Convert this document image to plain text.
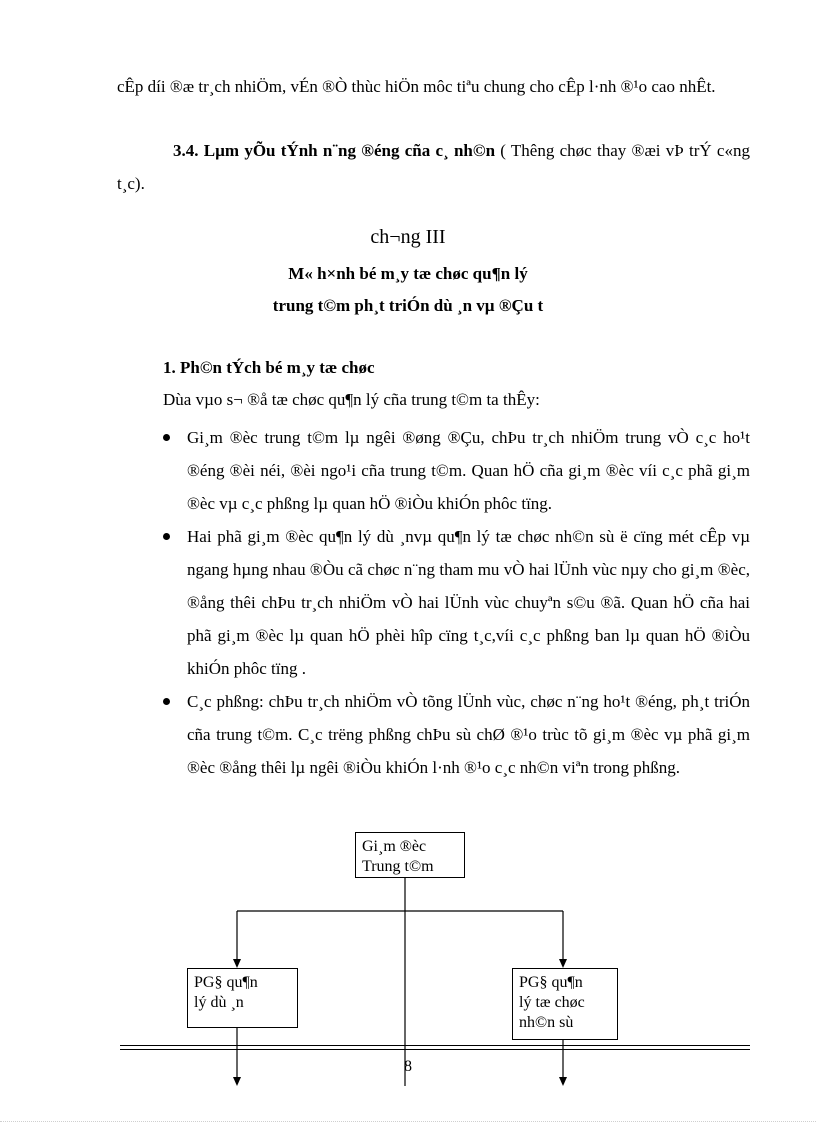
cÊp díi ®æ tr¸ch nhiÖm, vÉn ®Ò thùc hiÖn môc tiªu chung cho cÊp l·nh ®¹o cao nhÊt.
3.4. Lµm yÕu tÝnh n¨ng ®éng cña c¸ nh©n ( Thêng chøc thay ®æi vÞ trÝ c«ng t¸c).
ch¬ng III
M« h×nh bé m¸y tæ chøc qu¶n lý
trung t©m ph¸t triÓn dù ¸n vµ ®Çu t
1. Ph©n tÝch bé m¸y tæ chøc
Dùa vµo s¬ ®å tæ chøc qu¶n lý cña trung t©m ta thÊy:
Gi¸m ®èc trung t©m lµ ngêi ®øng ®Çu, chÞu tr¸ch nhiÖm trung vÒ c¸c ho¹t ®éng ®èi néi, ®èi ngo¹i cña trung t©m. Quan hÖ cña gi¸m ®èc víi c¸c phã gi¸m ®èc vµ c¸c phßng lµ quan hÖ ®iÒu khiÓn phôc tïng.
Hai phã gi¸m ®èc qu¶n lý dù ¸nvµ qu¶n lý tæ chøc nh©n sù ë cïng mét cÊp vµ ngang hµng nhau ®Òu cã chøc n¨ng tham mu vÒ hai lÜnh vùc nµy cho gi¸m ®èc, ®ång thêi chÞu tr¸ch nhiÖm vÒ hai lÜnh vùc chuyªn s©u ®ã. Quan hÖ cña hai phã gi¸m ®èc lµ quan hÖ phèi hîp cïng t¸c,víi c¸c phßng ban lµ quan hÖ ®iÒu khiÓn phôc tïng .
C¸c phßng: chÞu tr¸ch nhiÖm vÒ tõng lÜnh vùc, chøc n¨ng ho¹t ®éng, ph¸t triÓn cña trung t©m. C¸c trëng phßng chÞu sù chØ ®¹o trùc tõ gi¸m ®èc vµ phã gi¸m ®èc ®ång thêi lµ ngêi ®iÒu khiÓn l·nh ®¹o c¸c nh©n viªn trong phßng.
Gi¸m ®èc
Trung t©m
PG§ qu¶n
lý dù ¸n
PG§ qu¶n
lý tæ chøc
nh©n sù
8
